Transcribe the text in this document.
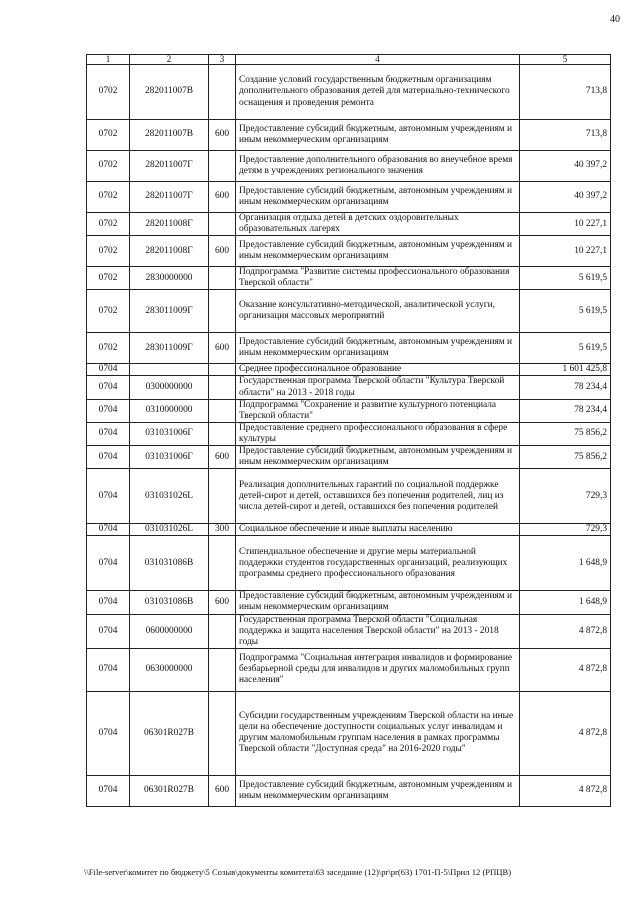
40
1	2	3	4	5
0702	282011007В		Создание условий государственным бюджетным организациям дополнительного образования детей для материально-технического оснащения и проведения ремонта	713,8
0702	282011007В	600	Предоставление субсидий бюджетным, автономным учреждениям и иным некоммерческим организациям	713,8
0702	282011007Г		Предоставление дополнительного образования во внеучебное время детям в учреждениях регионального значения	40 397,2
0702	282011007Г	600	Предоставление субсидий бюджетным, автономным учреждениям и иным некоммерческим организациям	40 397,2
0702	282011008Г		Организация отдыха детей в детских оздоровительных образовательных лагерях	10 227,1
0702	282011008Г	600	Предоставление субсидий бюджетным, автономным учреждениям и иным некоммерческим организациям	10 227,1
0702	2830000000		Подпрограмма "Развитие системы профессионального образования Тверской области"	5 619,5
0702	283011009Г		Оказание консультативно-методической, аналитической услуги, организация массовых мероприятий	5 619,5
0702	283011009Г	600	Предоставление субсидий бюджетным, автономным учреждениям и иным некоммерческим организациям	5 619,5
0704			Среднее профессиональное образование	1 601 425,8
0704	0300000000		Государственная программа Тверской области "Культура Тверской области" на 2013 - 2018 годы	78 234,4
0704	0310000000		Подпрограмма "Сохранение и развитие культурного потенциала Тверской области"	78 234,4
0704	031031006Г		Предоставление среднего профессионального образования в сфере культуры	75 856,2
0704	031031006Г	600	Предоставление субсидий бюджетным, автономным учреждениям и иным некоммерческим организациям	75 856,2
0704	031031026L		Реализация дополнительных гарантий по социальной поддержке детей-сирот и детей, оставшихся без попечения родителей, лиц из числа детей-сирот и детей, оставшихся без попечения родителей	729,3
0704	031031026L	300	Социальное обеспечение и иные выплаты населению	729,3
0704	031031086В		Стипендиальное обеспечение и другие меры материальной поддержки студентов государственных организаций, реализующих программы среднего профессионального образования	1 648,9
0704	031031086В	600	Предоставление субсидий бюджетным, автономным учреждениям и иным некоммерческим организациям	1 648,9
0704	0600000000		Государственная программа Тверской области "Социальная поддержка и защита населения Тверской области" на 2013 - 2018 годы	4 872,8
0704	0630000000		Подпрограмма "Социальная интеграция инвалидов и формирование безбарьерной среды для инвалидов и других маломобильных групп населения"	4 872,8
0704	06301R027В		Субсидии государственным учреждениям Тверской области на иные цели на обеспечение доступности социальных услуг инвалидам и другим маломобильным группам населения в рамках программы Тверской области "Доступная среда" на 2016-2020 годы"	4 872,8
0704	06301R027В	600	Предоставление субсидий бюджетным, автономным учреждениям и иным некоммерческим организациям	4 872,8
\\File-server\комитет по бюджету\5 Созыв\документы комитета\63 заседание (12)\pr\pr(63) 1701-П-5\Прил 12 (РПЦВ)
